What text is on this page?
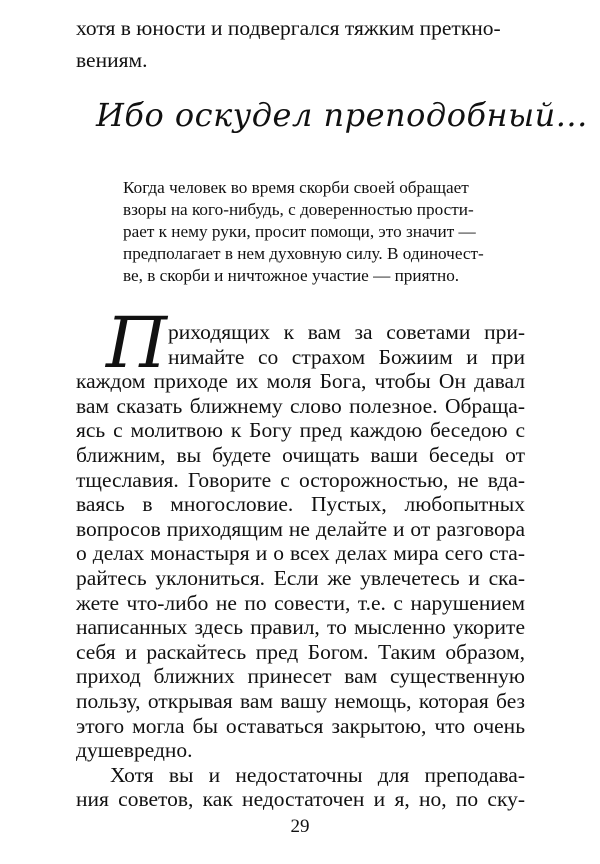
хотя в юности и подвергался тяжким преткно-

вениям.

Ибо оскудел преподобный...

Когда человек во время скорби своей обращает

взоры на кого-нибудь, с доверенностью прости-

рает к нему руки, просит помощи, это значит —

предполагает в нем духовную силу. В одиночест-

ве, в скорби и ничтожное участие — приятно.

П риходящих к вам за советами при-

нимайте со страхом Божиим и при

каждом приходе их моля Бога, чтобы Он давал

вам сказать ближнему слово полезное. Обраща-

ясь с молитвою к Богу пред каждою беседою с

ближним, вы будете очищать ваши беседы от

тщеславия. Говорите с осторожностью, не вда-

ваясь в многословие. Пустых, любопытных

вопросов приходящим не делайте и от разговора

о делах монастыря и о всех делах мира сего ста-

райтесь уклониться. Если же увлечетесь и ска-

жете что-либо не по совести, т.е. с нарушением

написанных здесь правил, то мысленно укорите

себя и раскайтесь пред Богом. Таким образом,

приход ближних принесет вам существенную

пользу, открывая вам вашу немощь, которая без

этого могла бы оставаться закрытою, что очень

душевредно.

Хотя вы и недостаточны для преподава-

ния советов, как недостаточен и я, но, по ску-

29
